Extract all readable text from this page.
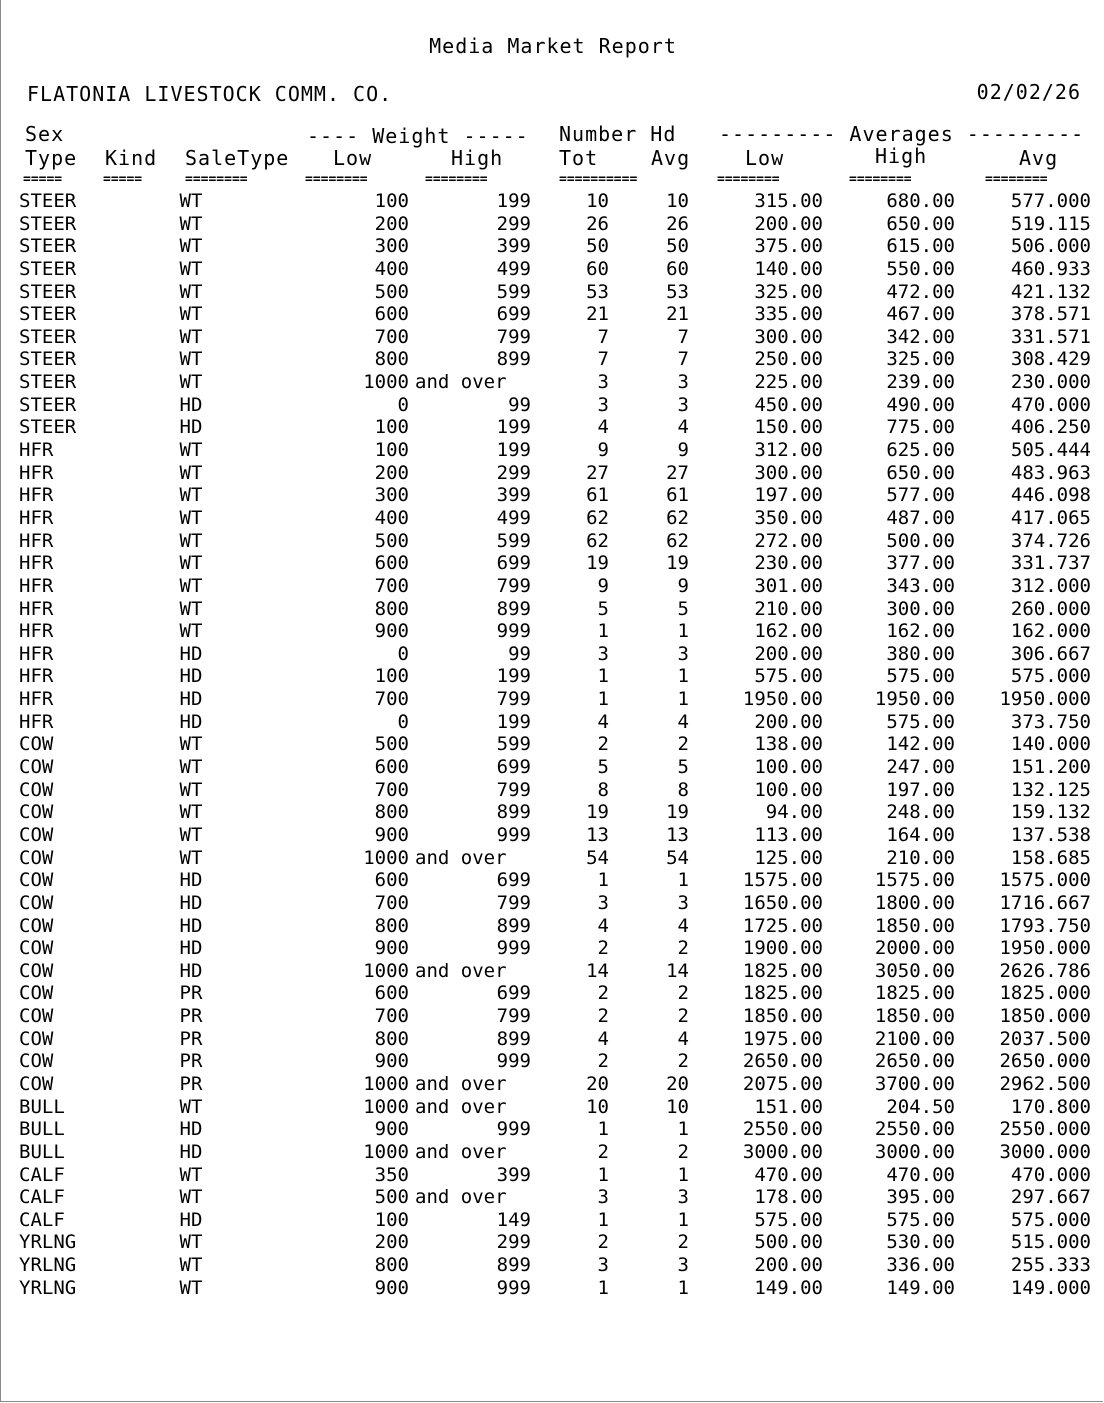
Media Market Report
FLATONIA LIVESTOCK COMM. CO.	02/02/26
Sex	---- Weight ----- Number Hd --------- Averages ---------
Type Kind SaleType Low	High	Tot	Avg	Low	High	Avg
=====	=====	========	========	========	==========	========	========	========
STEER	WT	100	199	10	10	315.00	680.00	577.000
STEER	WT	200	299	26	26	200.00	650.00	519.115
STEER	WT	300	399	50	50	375.00	615.00	506.000
STEER	WT	400	499	60	60	140.00	550.00	460.933
STEER	WT	500	599	53	53	325.00	472.00	421.132
STEER	WT	600	699	21	21	335.00	467.00	378.571
STEER	WT	700	799	7	7	300.00	342.00	331.571
STEER	WT	800	899	7	7	250.00	325.00	308.429
STEER	WT	1000 and over	3	3	225.00	239.00	230.000
STEER	HD	0	99	3	3	450.00	490.00	470.000
STEER	HD	100	199	4	4	150.00	775.00	406.250
HFR	WT	100	199	9	9	312.00	625.00	505.444
HFR	WT	200	299	27	27	300.00	650.00	483.963
HFR	WT	300	399	61	61	197.00	577.00	446.098
HFR	WT	400	499	62	62	350.00	487.00	417.065
HFR	WT	500	599	62	62	272.00	500.00	374.726
HFR	WT	600	699	19	19	230.00	377.00	331.737
HFR	WT	700	799	9	9	301.00	343.00	312.000
HFR	WT	800	899	5	5	210.00	300.00	260.000
HFR	WT	900	999	1	1	162.00	162.00	162.000
HFR	HD	0	99	3	3	200.00	380.00	306.667
HFR	HD	100	199	1	1	575.00	575.00	575.000
HFR	HD	700	799	1	1	1950.00	1950.00	1950.000
HFR	HD	0	199	4	4	200.00	575.00	373.750
COW	WT	500	599	2	2	138.00	142.00	140.000
COW	WT	600	699	5	5	100.00	247.00	151.200
COW	WT	700	799	8	8	100.00	197.00	132.125
COW	WT	800	899	19	19	94.00	248.00	159.132
COW	WT	900	999	13	13	113.00	164.00	137.538
COW	WT	1000 and over	54	54	125.00	210.00	158.685
COW	HD	600	699	1	1	1575.00	1575.00	1575.000
COW	HD	700	799	3	3	1650.00	1800.00	1716.667
COW	HD	800	899	4	4	1725.00	1850.00	1793.750
COW	HD	900	999	2	2	1900.00	2000.00	1950.000
COW	HD	1000 and over	14	14	1825.00	3050.00	2626.786
COW	PR	600	699	2	2	1825.00	1825.00	1825.000
COW	PR	700	799	2	2	1850.00	1850.00	1850.000
COW	PR	800	899	4	4	1975.00	2100.00	2037.500
COW	PR	900	999	2	2	2650.00	2650.00	2650.000
COW	PR	1000 and over	20	20	2075.00	3700.00	2962.500
BULL	WT	1000 and over	10	10	151.00	204.50	170.800
BULL	HD	900	999	1	1	2550.00	2550.00	2550.000
BULL	HD	1000 and over	2	2	3000.00	3000.00	3000.000
CALF	WT	350	399	1	1	470.00	470.00	470.000
CALF	WT	500 and over	3	3	178.00	395.00	297.667
CALF	HD	100	149	1	1	575.00	575.00	575.000
YRLNG	WT	200	299	2	2	500.00	530.00	515.000
YRLNG	WT	800	899	3	3	200.00	336.00	255.333
YRLNG	WT	900	999	1	1	149.00	149.00	149.000
